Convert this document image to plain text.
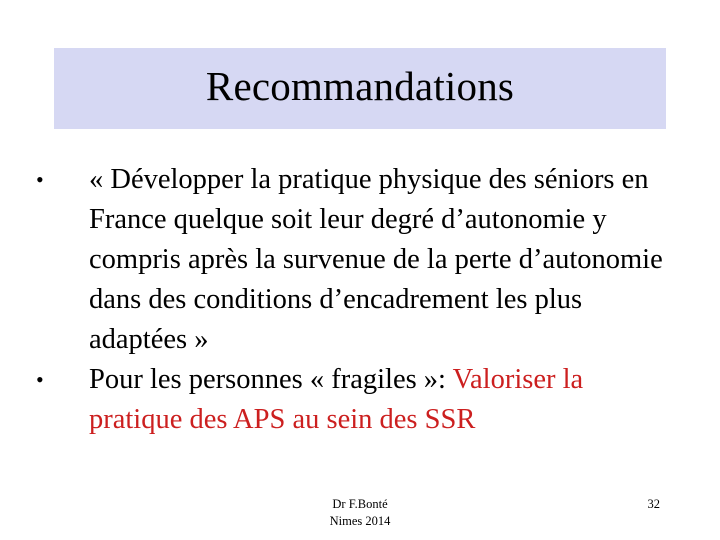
Recommandations
•	« Développer la pratique physique des séniors en France quelque soit leur degré d’autonomie y compris après la survenue de la perte d’autonomie dans des conditions d’encadrement les plus adaptées »
•	Pour les personnes « fragiles »: Valoriser la pratique des APS au sein des SSR
Dr F.Bonté
Nimes 2014
32
